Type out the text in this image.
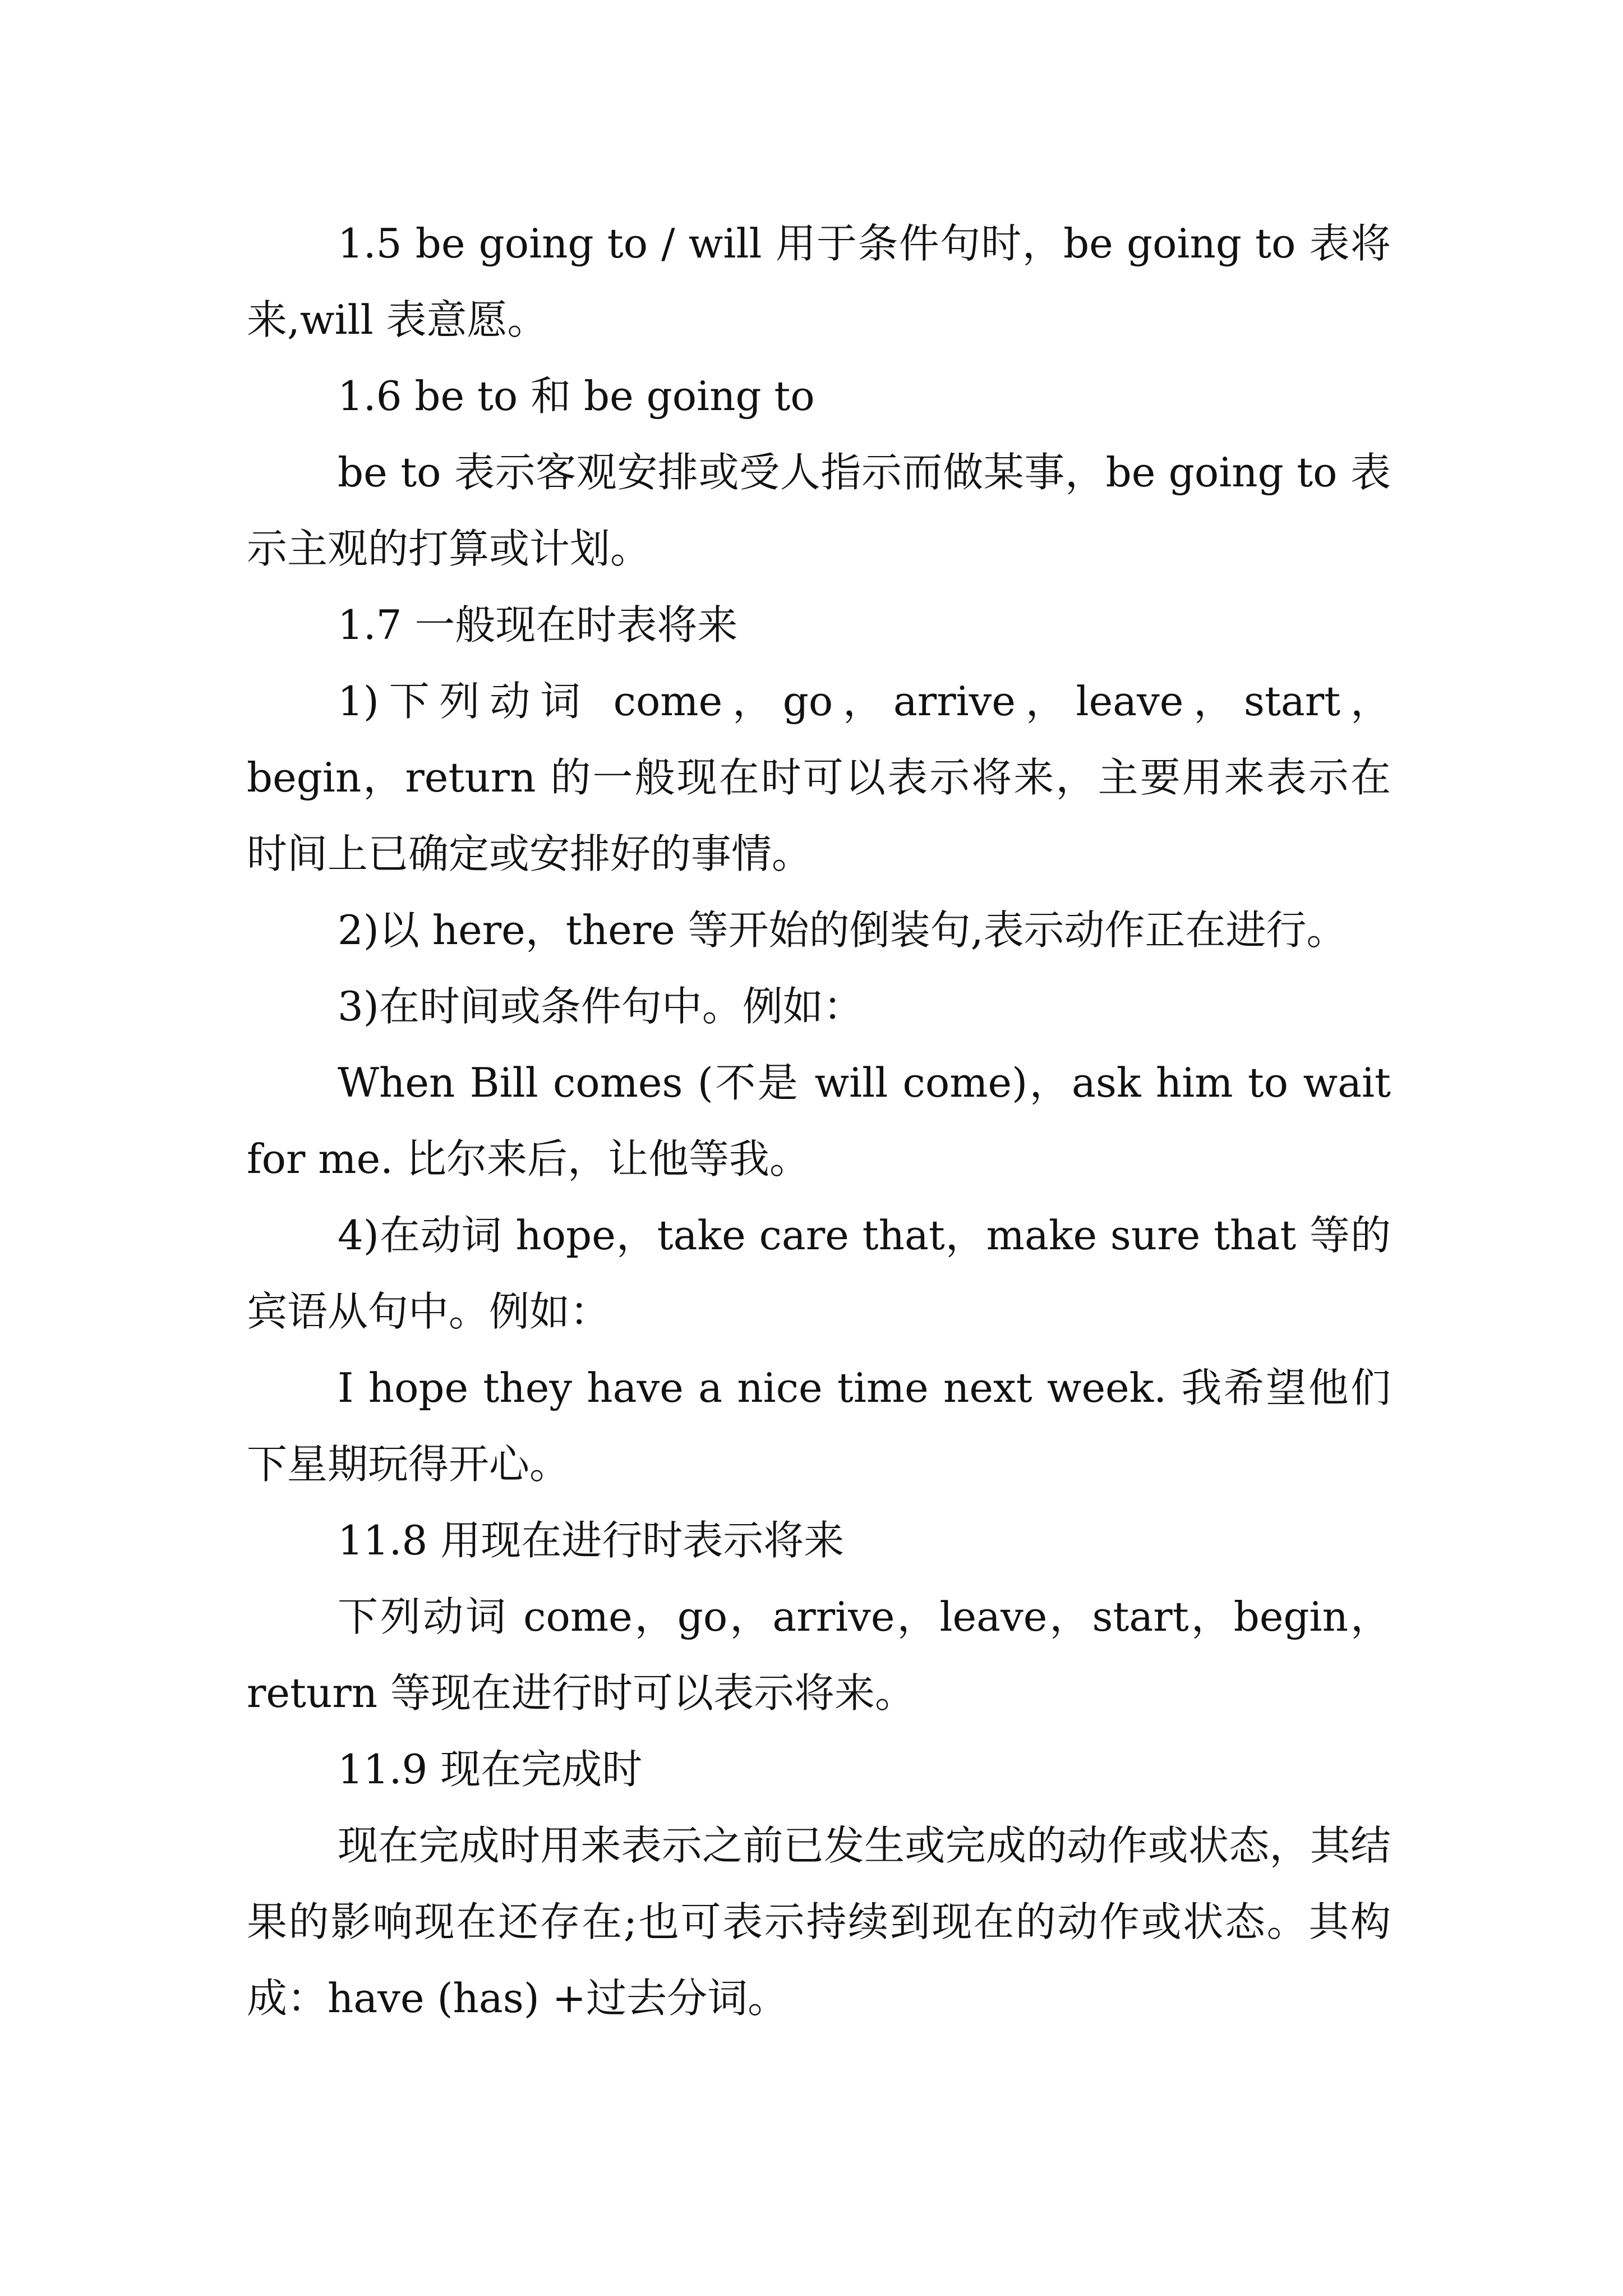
1.5 be going to / will 用于条件句时，be going to 表将来,will 表意愿。

1.6 be to 和 be going to

be to 表示客观安排或受人指示而做某事，be going to 表示主观的打算或计划。

1.7 一般现在时表将来

1)下列动词 come，go，arrive，leave，start，begin，return 的一般现在时可以表示将来，主要用来表示在时间上已确定或安排好的事情。

2)以 here，there 等开始的倒装句,表示动作正在进行。

3)在时间或条件句中。例如：

When Bill comes (不是 will come)，ask him to wait for me. 比尔来后，让他等我。

4)在动词 hope，take care that，make sure that 等的宾语从句中。例如：

I hope they have a nice time next week. 我希望他们下星期玩得开心。

11.8 用现在进行时表示将来

下列动词 come，go，arrive，leave，start，begin，return 等现在进行时可以表示将来。

11.9 现在完成时

现在完成时用来表示之前已发生或完成的动作或状态，其结果的影响现在还存在;也可表示持续到现在的动作或状态。其构成：have (has) +过去分词。
